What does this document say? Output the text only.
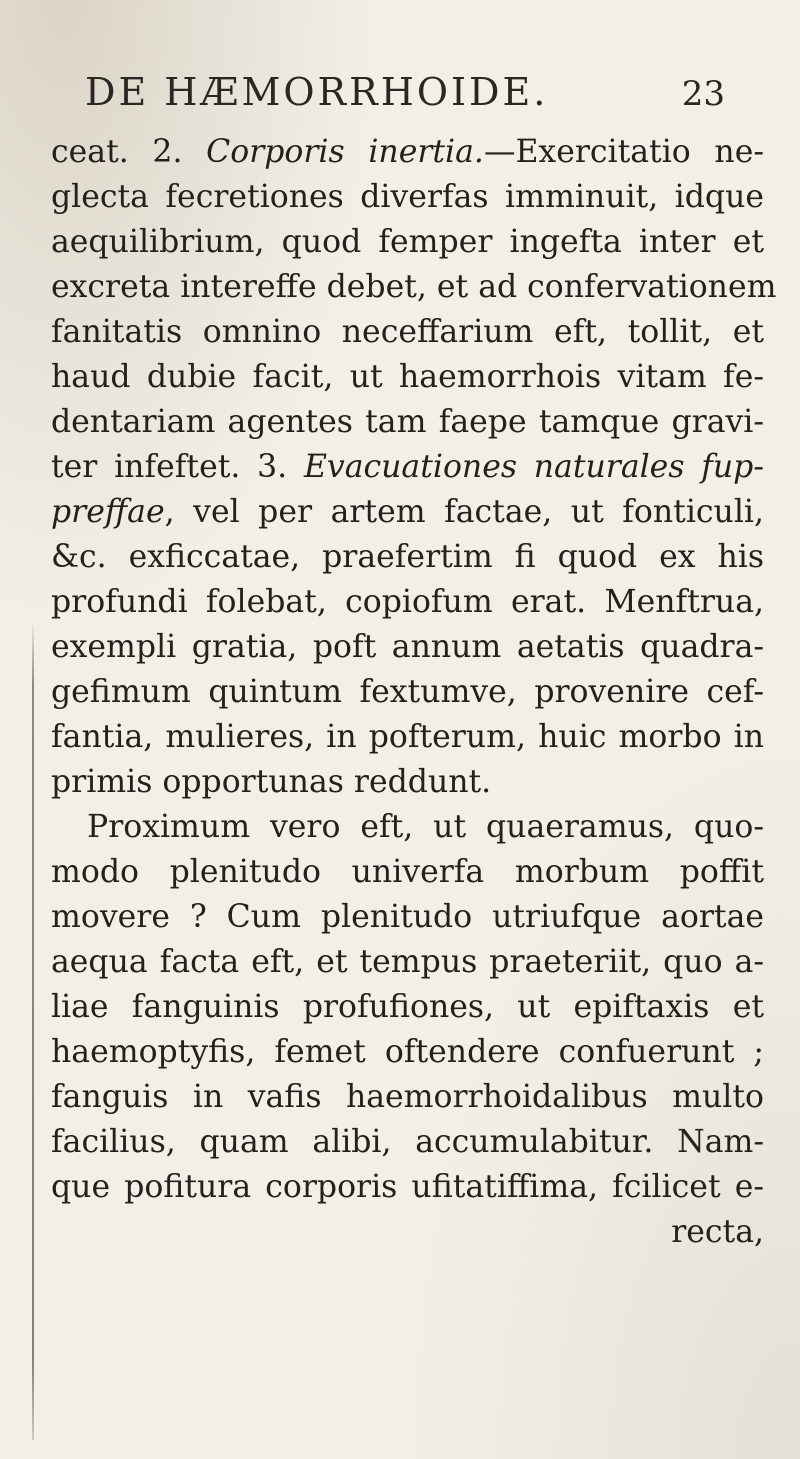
DE HÆMORRHOIDE.	23
ceat. 2. Corporis inertia.—Exercitatio ne-
glecta fecretiones diverfas imminuit, idque
aequilibrium, quod femper ingefta inter et
excreta intereffe debet, et ad confervationem
fanitatis omnino neceffarium eft, tollit, et
haud dubie facit, ut haemorrhois vitam fe-
dentariam agentes tam faepe tamque gravi-
ter infeftet. 3. Evacuationes naturales fup-
preffae, vel per artem factae, ut fonticuli,
&c. exficcatae, praefertim fi quod ex his
profundi folebat, copiofum erat. Menftrua,
exempli gratia, poft annum aetatis quadra-
gefimum quintum fextumve, provenire cef-
fantia, mulieres, in pofterum, huic morbo in
primis opportunas reddunt.
Proximum vero eft, ut quaeramus, quo-
modo plenitudo univerfa morbum poffit
movere ? Cum plenitudo utriufque aortae
aequa facta eft, et tempus praeteriit, quo a-
liae fanguinis profufiones, ut epiftaxis et
haemoptyfis, femet oftendere confuerunt ;
fanguis in vafis haemorrhoidalibus multo
facilius, quam alibi, accumulabitur. Nam-
que pofitura corporis ufitatiffima, fcilicet e-
recta,
